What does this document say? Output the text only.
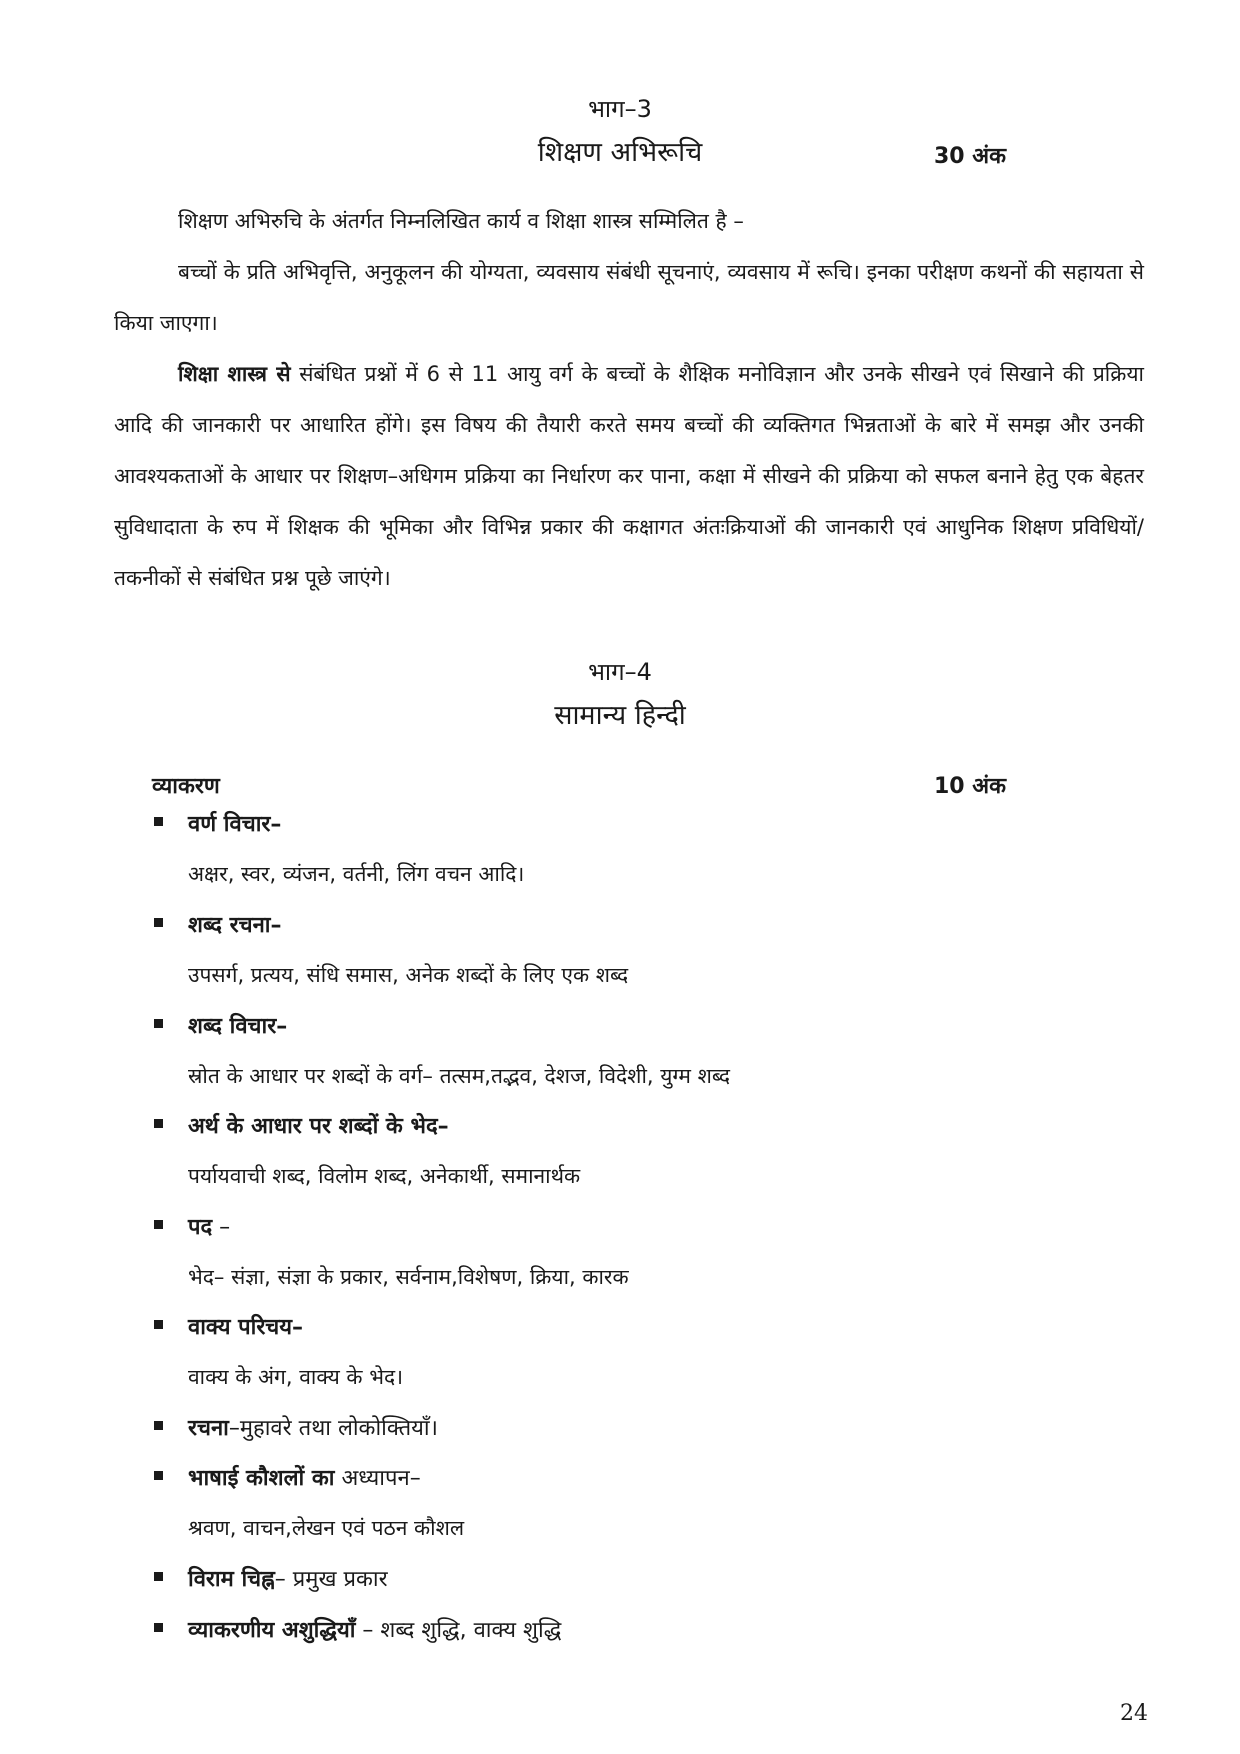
भाग–3
शिक्षण अभिरूचि	30 अंक
शिक्षण अभिरुचि के अंतर्गत निम्नलिखित कार्य व शिक्षा शास्त्र सम्मिलित है –
बच्चों के प्रति अभिवृत्ति, अनुकूलन की योग्यता, व्यवसाय संबंधी सूचनाएं, व्यवसाय में रूचि। इनका परीक्षण कथनों की सहायता से किया जाएगा।
शिक्षा शास्त्र से संबंधित प्रश्नों में 6 से 11 आयु वर्ग के बच्चों के शैक्षिक मनोविज्ञान और उनके सीखने एवं सिखाने की प्रक्रिया आदि की जानकारी पर आधारित होंगे। इस विषय की तैयारी करते समय बच्चों की व्यक्तिगत भिन्नताओं के बारे में समझ और उनकी आवश्यकताओं के आधार पर शिक्षण–अधिगम प्रक्रिया का निर्धारण कर पाना, कक्षा में सीखने की प्रक्रिया को सफल बनाने हेतु एक बेहतर सुविधादाता के रुप में शिक्षक की भूमिका और विभिन्न प्रकार की कक्षागत अंतःक्रियाओं की जानकारी एवं आधुनिक शिक्षण प्रविधियों/तकनीकों से संबंधित प्रश्न पूछे जाएंगे।
भाग–4
सामान्य हिन्दी
व्याकरण	10 अंक
वर्ण विचार–
अक्षर, स्वर, व्यंजन, वर्तनी, लिंग वचन आदि।
शब्द रचना–
उपसर्ग, प्रत्यय, संधि समास, अनेक शब्दों के लिए एक शब्द
शब्द विचार–
स्रोत के आधार पर शब्दों के वर्ग– तत्सम,तद्भव, देशज, विदेशी, युग्म शब्द
अर्थ के आधार पर शब्दों के भेद–
पर्यायवाची शब्द, विलोम शब्द, अनेकार्थी, समानार्थक
पद –
भेद– संज्ञा, संज्ञा के प्रकार, सर्वनाम,विशेषण, क्रिया, कारक
वाक्य परिचय–
वाक्य के अंग, वाक्य के भेद।
रचना–मुहावरे तथा लोकोक्तियाँ।
भाषाई कौशलों का अध्यापन–
श्रवण, वाचन,लेखन एवं पठन कौशल
विराम चिह्न– प्रमुख प्रकार
व्याकरणीय अशुद्धियाँ – शब्द शुद्धि, वाक्य शुद्धि
24
